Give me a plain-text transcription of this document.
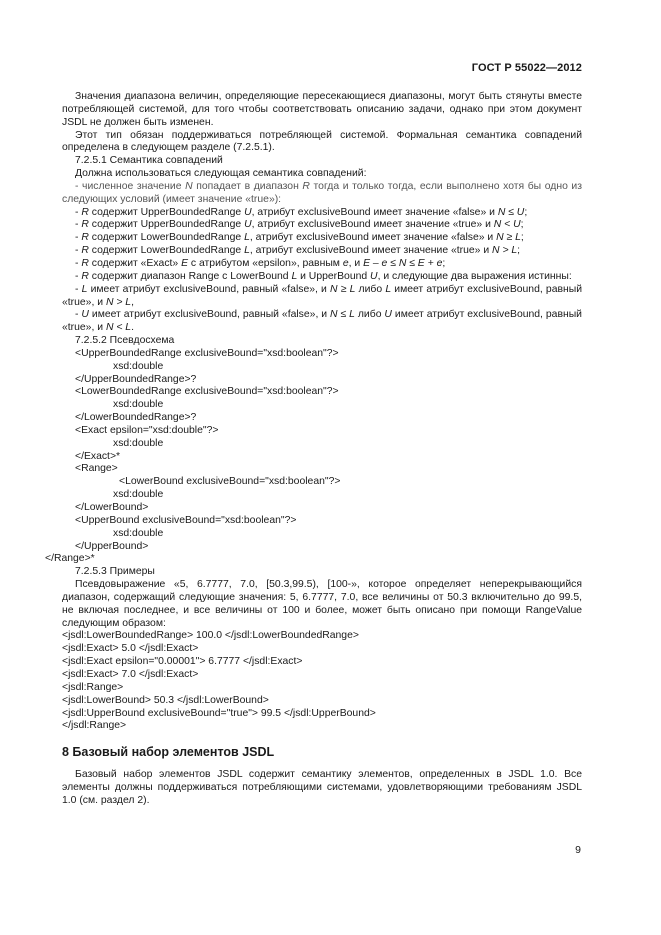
ГОСТ Р 55022—2012

Значения диапазона величин, определяющие пересекающиеся диапазоны, могут быть стянуты вместе потребляющей системой, для того чтобы соответствовать описанию задачи, однако при этом документ JSDL не должен быть изменен.

Этот тип обязан поддерживаться потребляющей системой. Формальная семантика совпадений определена в следующем разделе (7.2.5.1).

7.2.5.1 Семантика совпадений

Должна использоваться следующая семантика совпадений:

- численное значение N попадает в диапазон R тогда и только тогда, если выполнено хотя бы одно из следующих условий (имеет значение «true»):

- R содержит UpperBoundedRange U, атрибут exclusiveBound имеет значение «false» и N ≤ U;

- R содержит UpperBoundedRange U, атрибут exclusiveBound имеет значение «true» и N < U;

- R содержит LowerBoundedRange L, атрибут exclusiveBound имеет значение «false» и N ≥ L;

- R содержит LowerBoundedRange L, атрибут exclusiveBound имеет значение «true» и N > L;

- R содержит «Exact» E с атрибутом «epsilon», равным e, и E – e ≤ N ≤ E + e;

- R содержит диапазон Range с LowerBound L и UpperBound U, и следующие два выражения истинны:

- L имеет атрибут exclusiveBound, равный «false», и N ≥ L либо L имеет атрибут exclusiveBound, равный «true», и N > L,

- U имеет атрибут exclusiveBound, равный «false», и N ≤ L либо U имеет атрибут exclusiveBound, равный «true», и N < L.

7.2.5.2 Псевдосхема

<UpperBoundedRange exclusiveBound="xsd:boolean"?>

xsd:double

</UpperBoundedRange>?

<LowerBoundedRange exclusiveBound="xsd:boolean"?>

xsd:double

</LowerBoundedRange>?

<Exact epsilon="xsd:double"?>

xsd:double

</Exact>*

<Range>

<LowerBound exclusiveBound="xsd:boolean"?>

xsd:double

</LowerBound>

<UpperBound exclusiveBound="xsd:boolean"?>

xsd:double

</UpperBound>

</Range>*

7.2.5.3 Примеры

Псевдовыражение «5, 6.7777, 7.0, [50.3,99.5), [100-», которое определяет неперекрывающийся диапазон, содержащий следующие значения: 5, 6.7777, 7.0, все величины от 50.3 включительно до 99.5, не включая последнее, и все величины от 100 и более, может быть описано при помощи RangeValue следующим образом:

<jsdl:LowerBoundedRange> 100.0 </jsdl:LowerBoundedRange>

<jsdl:Exact> 5.0 </jsdl:Exact>

<jsdl:Exact epsilon="0.00001"> 6.7777 </jsdl:Exact>

<jsdl:Exact> 7.0 </jsdl:Exact>

<jsdl:Range>

<jsdl:LowerBound> 50.3 </jsdl:LowerBound>

<jsdl:UpperBound exclusiveBound="true"> 99.5 </jsdl:UpperBound>

</jsdl:Range>

8 Базовый набор элементов JSDL

Базовый набор элементов JSDL содержит семантику элементов, определенных в JSDL 1.0. Все элементы должны поддерживаться потребляющими системами, удовлетворяющими требованиям JSDL 1.0 (см. раздел 2).

9
